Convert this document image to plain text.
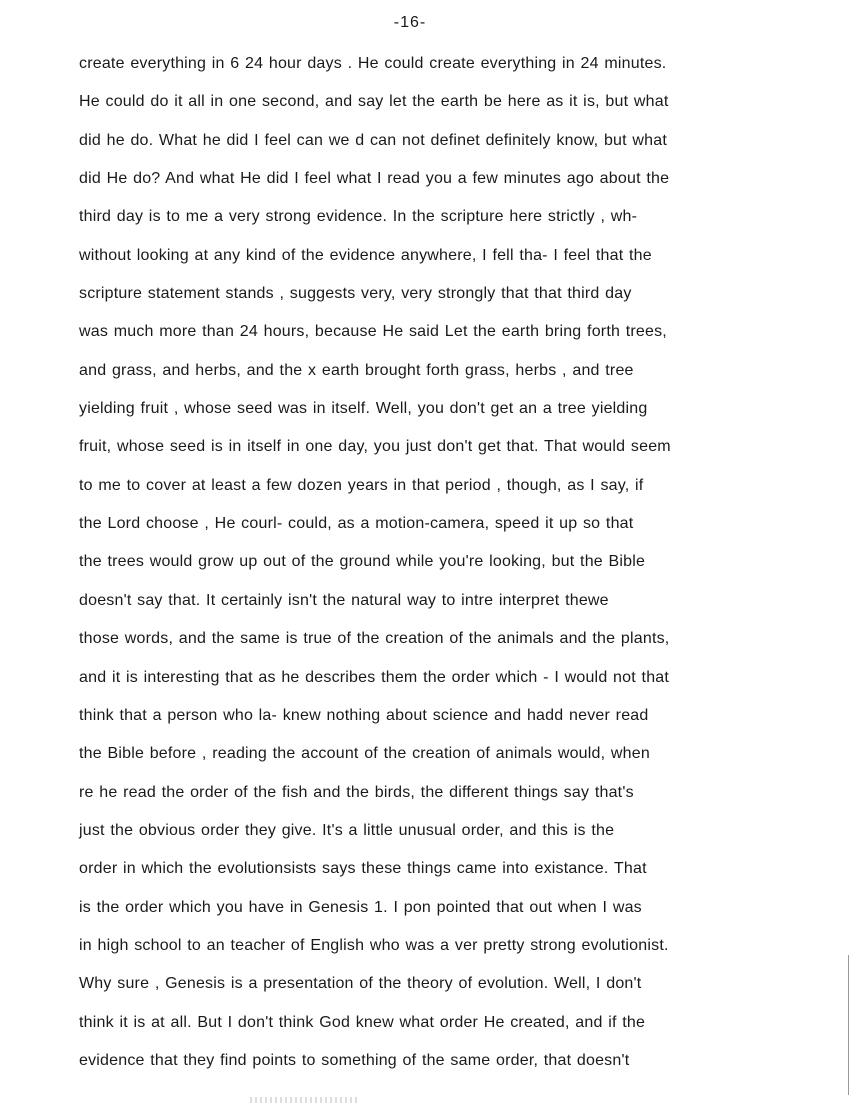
-16-
create everything in 6 24 hour days . He could create everything in 24 minutes.
He could do it all in one second, and say let the earth be here as it is, but what
did he do. What he did I feel can we d can not definet definitely know, but what
did He do? And what He did I feel what I read you a few minutes ago about the
third day is to me a very strong evidence. In the scripture here strictly , wh-
without looking at any kind of the evidence anywhere, I fell tha- I feel that the
scripture statement stands , suggests very, very strongly that that third day
was much more than 24 hours, because He said Let the earth bring forth trees,
and grass, and herbs, and the x earth brought forth grass, herbs , and tree
yielding fruit , whose seed was in itself. Well, you don't get an a tree yielding
fruit, whose seed is in itself in one day, you just don't get that. That would seem
to me to cover at least a few dozen years in that period , though, as I say, if
the Lord choose , He courl- could, as a motion-camera, speed it up so that
the trees would grow up out of the ground while you're looking, but the Bible
doesn't say that. It certainly isn't the natural way to intre interpret thewe
those words, and the same is true of the creation of the animals and the plants,
and it is interesting that as he describes them the order which - I would not that
think that a person who la- knew nothing about science and hadd never read
the Bible before , reading the account of the creation of animals would, when
re he read the order of the fish and the birds, the different things say that's
just the obvious order they give. It's a little unusual order, and this is the
order in which the evolutionsists says these things came into existance. That
is the order which you have in Genesis 1. I pon pointed that out when I was
in high school to an teacher of English who was a ver pretty strong evolutionist.
Why sure , Genesis is a presentation of the theory of evolution. Well, I don't
think it is at all. But I don't think God knew what order He created, and if the
evidence that they find points to something of the same order, that doesn't
